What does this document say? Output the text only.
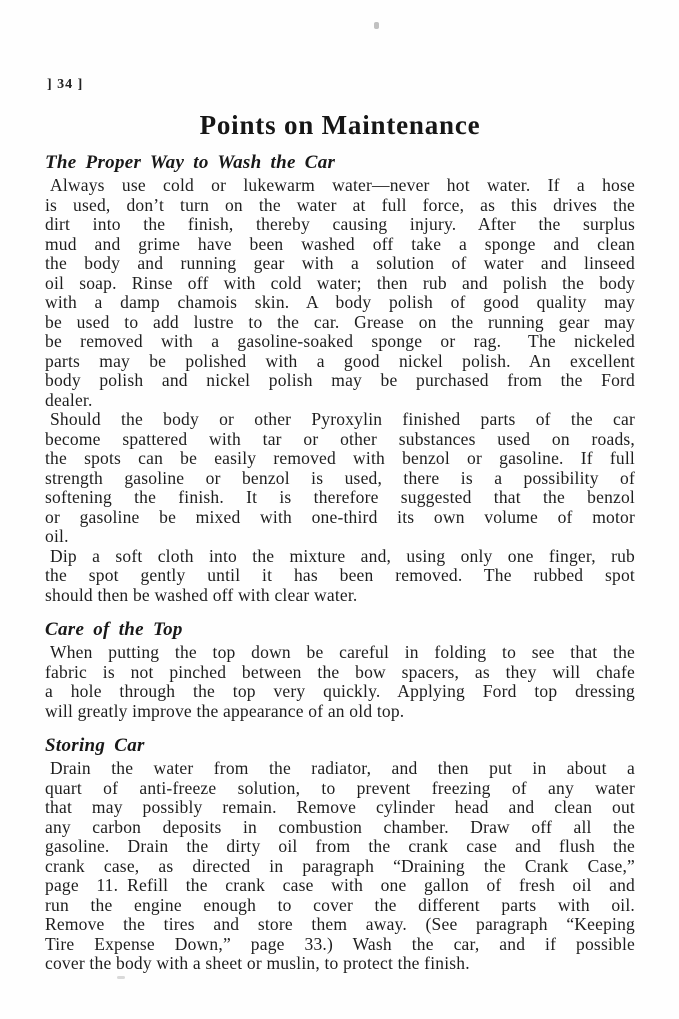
] 34 ]
Points on Maintenance
The Proper Way to Wash the Car
Always use cold or lukewarm water—never hot water. If a hose
is used, don’t turn on the water at full force, as this drives the
dirt into the finish, thereby causing injury. After the surplus
mud and grime have been washed off take a sponge and clean
the body and running gear with a solution of water and linseed
oil soap. Rinse off with cold water; then rub and polish the body
with a damp chamois skin. A body polish of good quality may
be used to add lustre to the car. Grease on the running gear may
be removed with a gasoline-soaked sponge or rag.  The nickeled
parts may be polished with a good nickel polish. An excellent
body polish and nickel polish may be purchased from the Ford
dealer.
Should the body or other Pyroxylin finished parts of the car
become spattered with tar or other substances used on roads,
the spots can be easily removed with benzol or gasoline. If full
strength gasoline or benzol is used, there is a possibility of
softening the finish. It is therefore suggested that the benzol
or gasoline be mixed with one-third its own volume of motor
oil.
Dip a soft cloth into the mixture and, using only one finger, rub
the spot gently until it has been removed. The rubbed spot
should then be washed off with clear water.
Care of the Top
When putting the top down be careful in folding to see that the
fabric is not pinched between the bow spacers, as they will chafe
a hole through the top very quickly. Applying Ford top dressing
will greatly improve the appearance of an old top.
Storing Car
Drain the water from the radiator, and then put in about a
quart of anti-freeze solution, to prevent freezing of any water
that may possibly remain. Remove cylinder head and clean out
any carbon deposits in combustion chamber. Draw off all the
gasoline. Drain the dirty oil from the crank case and flush the
crank case, as directed in paragraph “Draining the Crank Case,”
page 11. Refill the crank case with one gallon of fresh oil and
run the engine enough to cover the different parts with oil.
Remove the tires and store them away. (See paragraph “Keeping
Tire Expense Down,” page 33.) Wash the car, and if possible
cover the body with a sheet or muslin, to protect the finish.
